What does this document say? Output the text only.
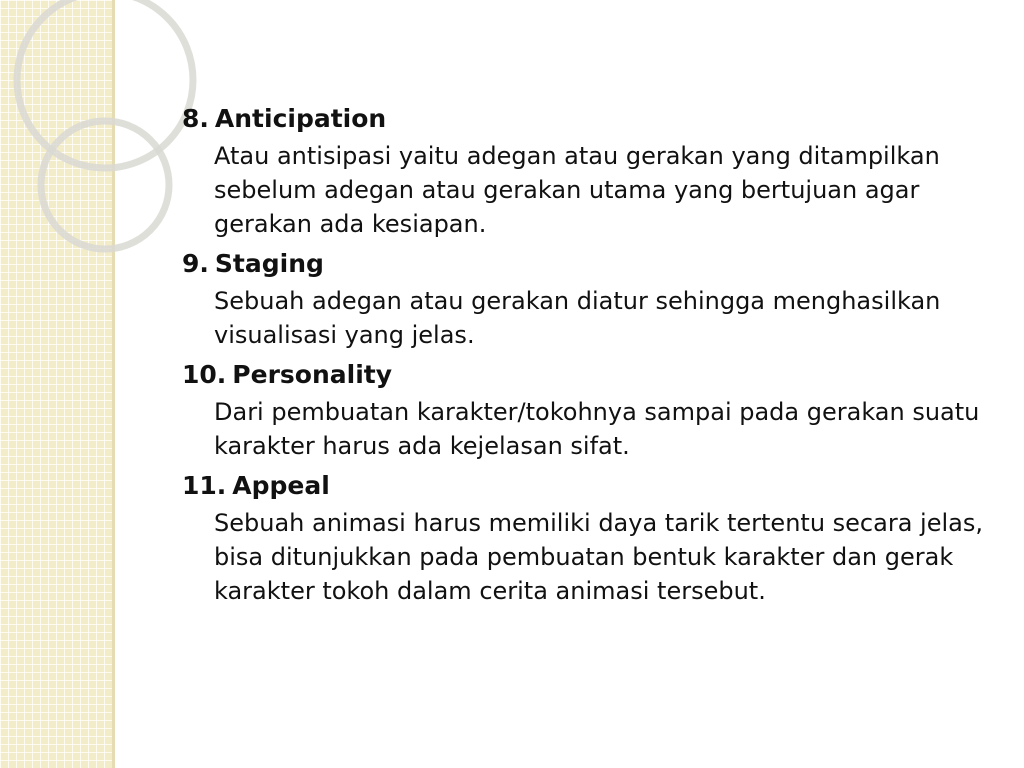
8. Anticipation
Atau antisipasi yaitu adegan atau gerakan yang ditampilkan sebelum adegan atau gerakan utama yang bertujuan agar gerakan ada kesiapan.
9. Staging
Sebuah adegan atau gerakan diatur sehingga menghasilkan visualisasi yang jelas.
10. Personality
Dari pembuatan karakter/tokohnya sampai pada gerakan suatu karakter harus ada kejelasan sifat.
11. Appeal
Sebuah animasi harus memiliki daya tarik tertentu secara jelas, bisa ditunjukkan pada pembuatan bentuk karakter dan gerak karakter tokoh dalam cerita animasi tersebut.
